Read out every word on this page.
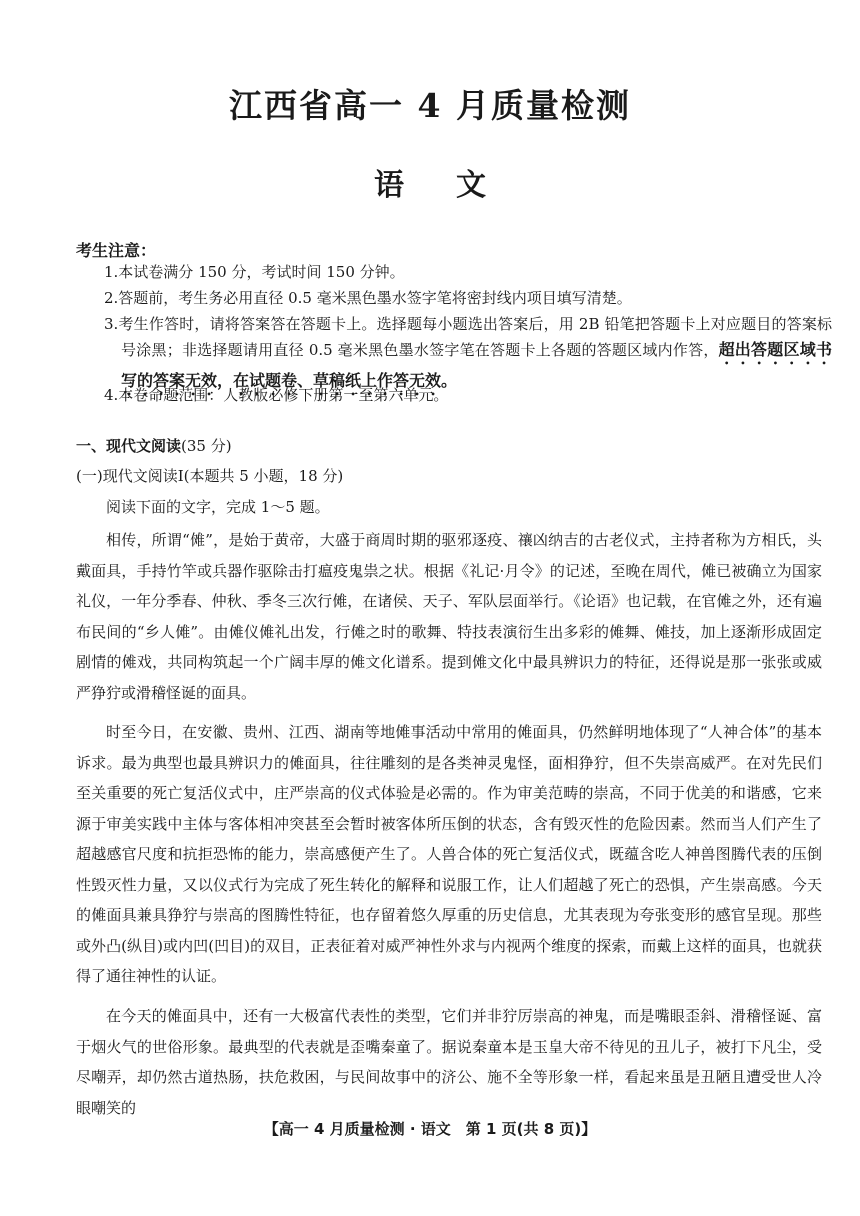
江西省高一 4 月质量检测
语文
考生注意：
1.本试卷满分 150 分，考试时间 150 分钟。
2.答题前，考生务必用直径 0.5 毫米黑色墨水签字笔将密封线内项目填写清楚。
3.考生作答时，请将答案答在答题卡上。选择题每小题选出答案后，用 2B 铅笔把答题卡上对应题目的答案标号涂黑；非选择题请用直径 0.5 毫米黑色墨水签字笔在答题卡上各题的答题区域内作答，超出答题区域书写的答案无效，在试题卷、草稿纸上作答无效。
4.本卷命题范围：人教版必修下册第一至第六单元。
一、现代文阅读(35 分)
(一)现代文阅读Ⅰ(本题共 5 小题，18 分)
阅读下面的文字，完成 1～5 题。
相传，所谓“傩”，是始于黄帝，大盛于商周时期的驱邪逐疫、禳凶纳吉的古老仪式，主持者称为方相氏，头戴面具，手持竹竿或兵器作驱除击打瘟疫鬼祟之状。根据《礼记·月令》的记述，至晚在周代，傩已被确立为国家礼仪，一年分季春、仲秋、季冬三次行傩，在诸侯、天子、军队层面举行。《论语》也记载，在官傩之外，还有遍布民间的“乡人傩”。由傩仪傩礼出发，行傩之时的歌舞、特技表演衍生出多彩的傩舞、傩技，加上逐渐形成固定剧情的傩戏，共同构筑起一个广阔丰厚的傩文化谱系。提到傩文化中最具辨识力的特征，还得说是那一张张或威严狰狞或滑稽怪诞的面具。
时至今日，在安徽、贵州、江西、湖南等地傩事活动中常用的傩面具，仍然鲜明地体现了“人神合体”的基本诉求。最为典型也最具辨识力的傩面具，往往雕刻的是各类神灵鬼怪，面相狰狞，但不失崇高威严。在对先民们至关重要的死亡复活仪式中，庄严崇高的仪式体验是必需的。作为审美范畴的崇高，不同于优美的和谐感，它来源于审美实践中主体与客体相冲突甚至会暂时被客体所压倒的状态，含有毁灭性的危险因素。然而当人们产生了超越感官尺度和抗拒恐怖的能力，崇高感便产生了。人兽合体的死亡复活仪式，既蕴含吃人神兽图腾代表的压倒性毁灭性力量，又以仪式行为完成了死生转化的解释和说服工作，让人们超越了死亡的恐惧，产生崇高感。今天的傩面具兼具狰狞与崇高的图腾性特征，也存留着悠久厚重的历史信息，尤其表现为夸张变形的感官呈现。那些或外凸(纵目)或内凹(凹目)的双目，正表征着对威严神性外求与内视两个维度的探索，而戴上这样的面具，也就获得了通往神性的认证。
在今天的傩面具中，还有一大极富代表性的类型，它们并非狞厉崇高的神鬼，而是嘴眼歪斜、滑稽怪诞、富于烟火气的世俗形象。最典型的代表就是歪嘴秦童了。据说秦童本是玉皇大帝不待见的丑儿子，被打下凡尘，受尽嘲弄，却仍然古道热肠，扶危救困，与民间故事中的济公、施不全等形象一样，看起来虽是丑陋且遭受世人冷眼嘲笑的
【高一 4 月质量检测 · 语文　第 1 页(共 8 页)】
